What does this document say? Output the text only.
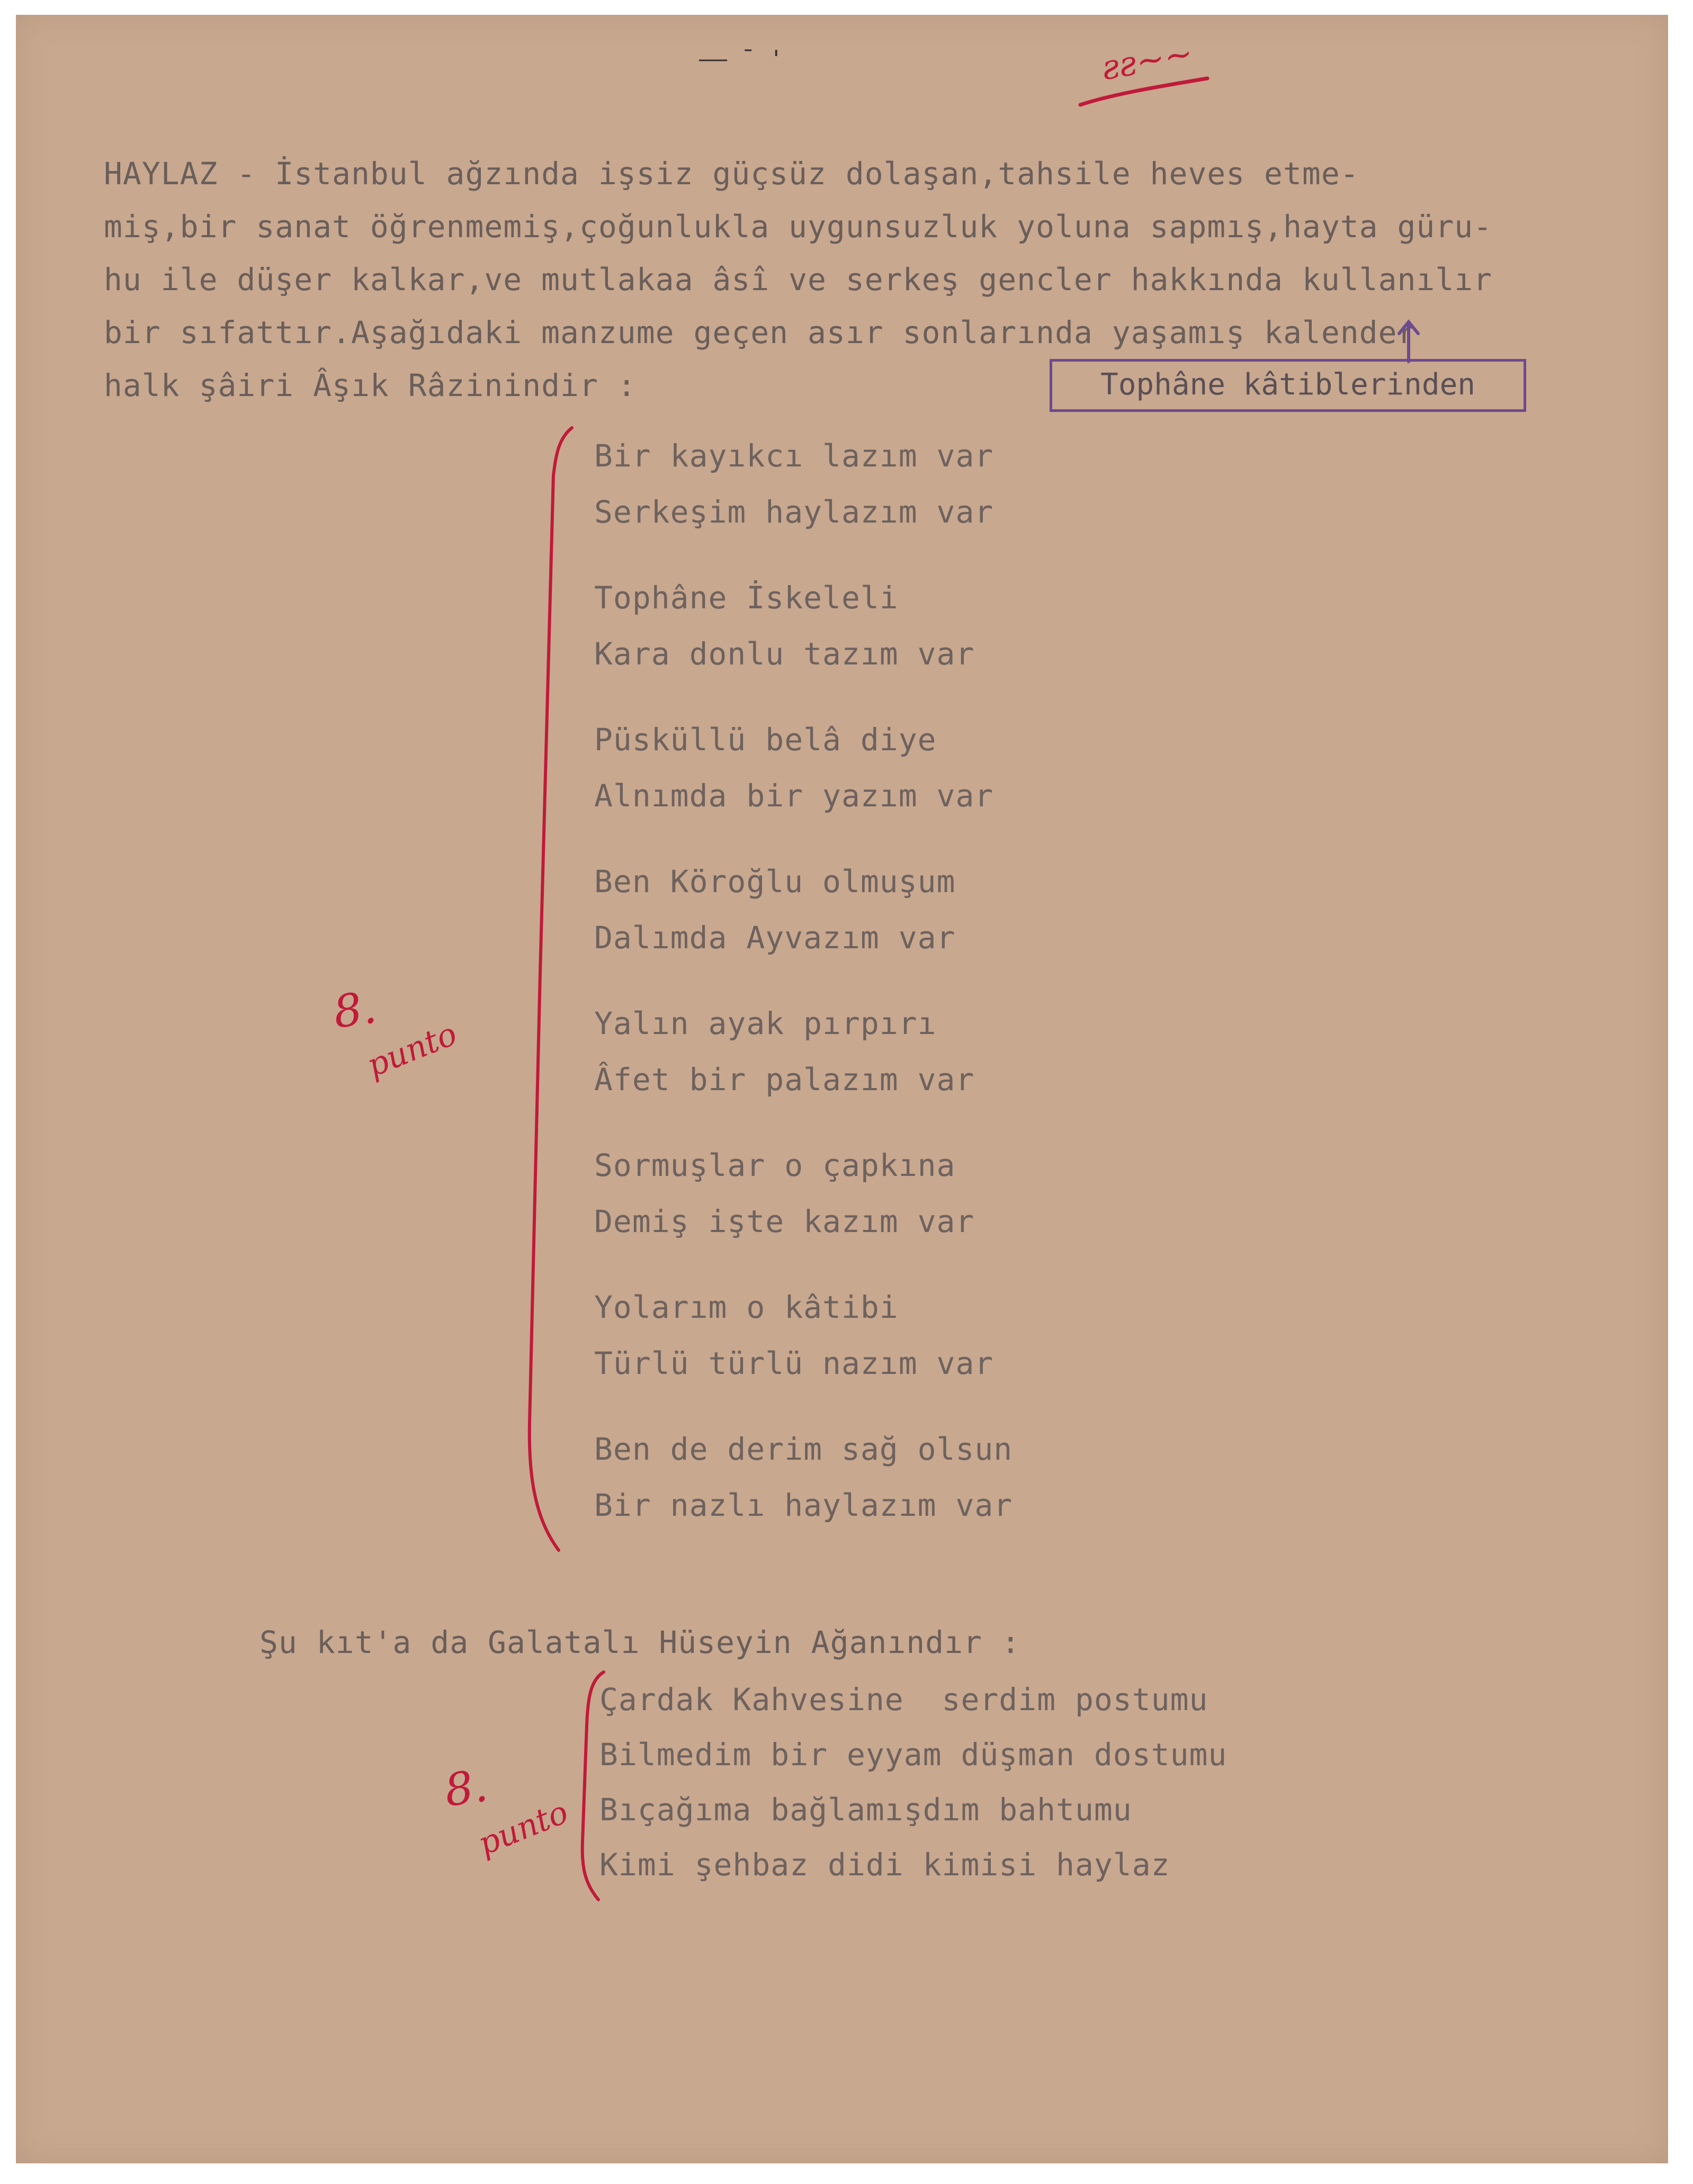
—— ˉ '	ƨƨ~~
HAYLAZ - İstanbul ağzında işsiz güçsüz dolaşan,tahsile heves etme-
miş,bir sanat öğrenmemiş,çoğunlukla uygunsuzluk yoluna sapmış,hayta güru-
hu ile düşer kalkar,ve mutlakaa âsî ve serkeş gencler hakkında kullanılır
bir sıfattır.Aşağıdaki manzume geçen asır sonlarında yaşamış kalender
halk şâiri Âşık Râzinindir :	Tophâne kâtiblerinden
8.
punto
Bir kayıkcı lazım var
Serkeşim haylazım var
Tophâne İskeleli
Kara donlu tazım var
Püsküllü belâ diye
Alnımda bir yazım var
Ben Köroğlu olmuşum
Dalımda Ayvazım var
Yalın ayak pırpırı
Âfet bir palazım var
Sormuşlar o çapkına
Demiş işte kazım var
Yolarım o kâtibi
Türlü türlü nazım var
Ben de derim sağ olsun
Bir nazlı haylazım var
Şu kıt'a da Galatalı Hüseyin Ağanındır :
8.
punto
Çardak Kahvesine  serdim postumu
Bilmedim bir eyyam düşman dostumu
Bıçağıma bağlamışdım bahtumu
Kimi şehbaz didi kimisi haylaz
